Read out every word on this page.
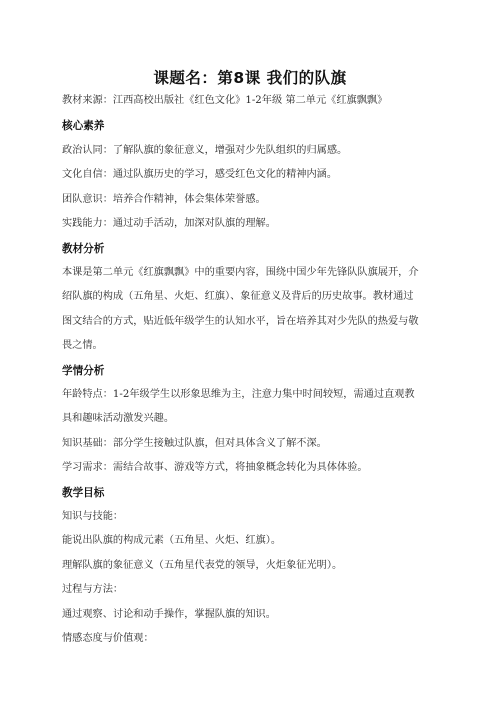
课题名：第8课 我们的队旗
教材来源：江西高校出版社《红色文化》1-2年级 第二单元《红旗飘飘》
核心素养
政治认同：了解队旗的象征意义，增强对少先队组织的归属感。
文化自信：通过队旗历史的学习，感受红色文化的精神内涵。
团队意识：培养合作精神，体会集体荣誉感。
实践能力：通过动手活动，加深对队旗的理解。
教材分析
本课是第二单元《红旗飘飘》中的重要内容，围绕中国少年先锋队队旗展开，介
绍队旗的构成（五角星、火炬、红旗）、象征意义及背后的历史故事。教材通过
图文结合的方式，贴近低年级学生的认知水平，旨在培养其对少先队的热爱与敬
畏之情。
学情分析
年龄特点：1-2年级学生以形象思维为主，注意力集中时间较短，需通过直观教
具和趣味活动激发兴趣。
知识基础：部分学生接触过队旗，但对具体含义了解不深。
学习需求：需结合故事、游戏等方式，将抽象概念转化为具体体验。
教学目标
知识与技能：
能说出队旗的构成元素（五角星、火炬、红旗）。
理解队旗的象征意义（五角星代表党的领导，火炬象征光明）。
过程与方法：
通过观察、讨论和动手操作，掌握队旗的知识。
情感态度与价值观：
